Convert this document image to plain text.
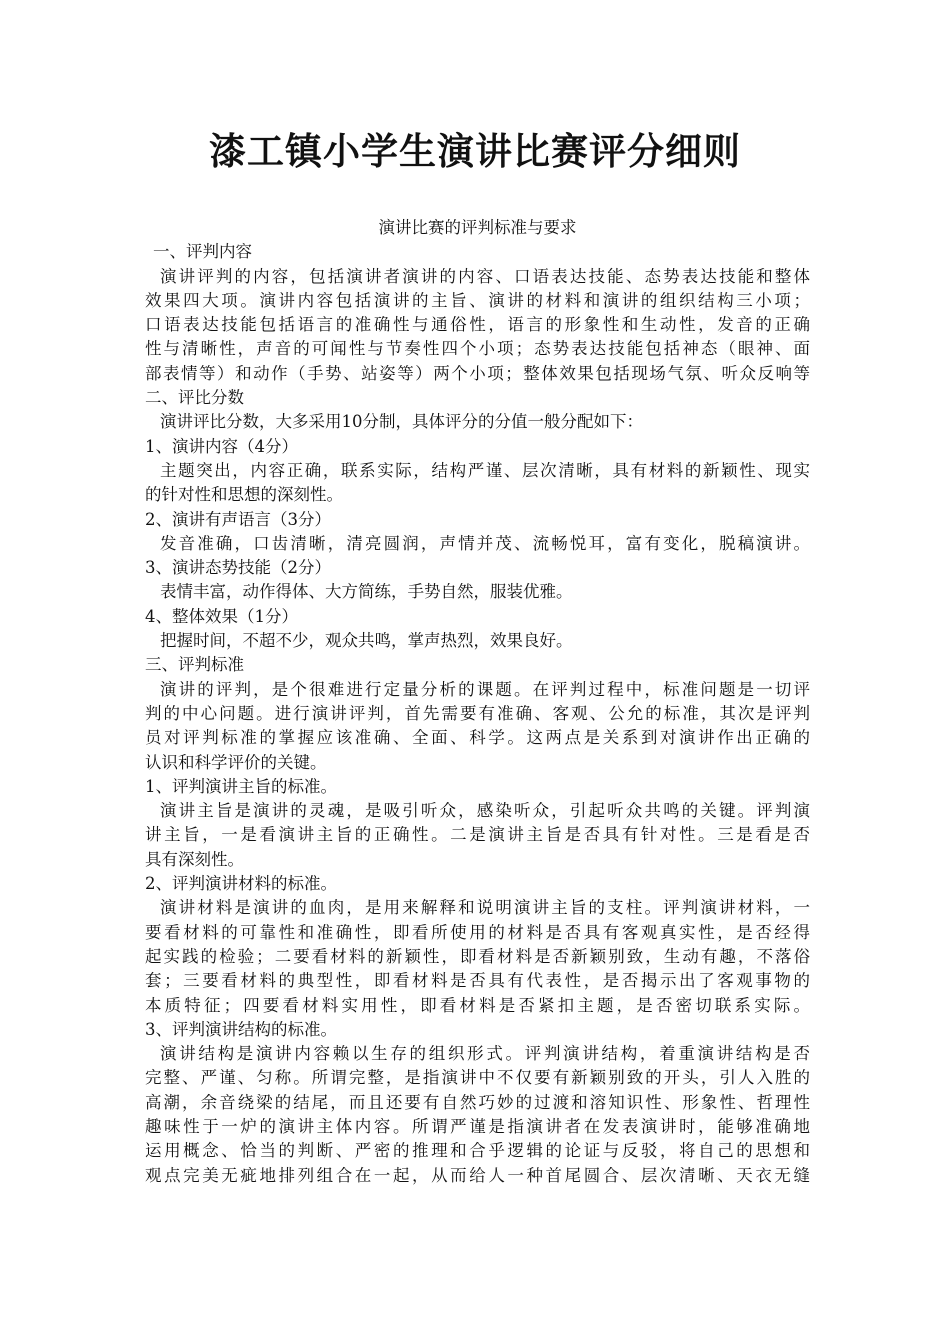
漆工镇小学生演讲比赛评分细则
演讲比赛的评判标准与要求
一、评判内容
演讲评判的内容，包括演讲者演讲的内容、口语表达技能、态势表达技能和整体
效果四大项。演讲内容包括演讲的主旨、演讲的材料和演讲的组织结构三小项；
口语表达技能包括语言的准确性与通俗性，语言的形象性和生动性，发音的正确
性与清晰性，声音的可闻性与节奏性四个小项；态势表达技能包括神态（眼神、面
部表情等）和动作（手势、站姿等）两个小项；整体效果包括现场气氛、听众反响等
二、评比分数
演讲评比分数，大多采用10分制，具体评分的分值一般分配如下：
1、演讲内容（4分）
主题突出，内容正确，联系实际，结构严谨、层次清晰，具有材料的新颖性、现实
的针对性和思想的深刻性。
2、演讲有声语言（3分）
发音准确，口齿清晰，清亮圆润，声情并茂、流畅悦耳，富有变化，脱稿演讲。
3、演讲态势技能（2分）
表情丰富，动作得体、大方简练，手势自然，服装优雅。
4、整体效果（1分）
把握时间，不超不少，观众共鸣，掌声热烈，效果良好。
三、评判标准
演讲的评判，是个很难进行定量分析的课题。在评判过程中，标准问题是一切评
判的中心问题。进行演讲评判，首先需要有准确、客观、公允的标准，其次是评判
员对评判标准的掌握应该准确、全面、科学。这两点是关系到对演讲作出正确的
认识和科学评价的关键。
1、评判演讲主旨的标准。
演讲主旨是演讲的灵魂，是吸引听众，感染听众，引起听众共鸣的关键。评判演
讲主旨，一是看演讲主旨的正确性。二是演讲主旨是否具有针对性。三是看是否
具有深刻性。
2、评判演讲材料的标准。
演讲材料是演讲的血肉，是用来解释和说明演讲主旨的支柱。评判演讲材料，一
要看材料的可靠性和准确性，即看所使用的材料是否具有客观真实性，是否经得
起实践的检验；二要看材料的新颖性，即看材料是否新颖别致，生动有趣，不落俗
套；三要看材料的典型性，即看材料是否具有代表性，是否揭示出了客观事物的
本质特征；四要看材料实用性，即看材料是否紧扣主题，是否密切联系实际。
3、评判演讲结构的标准。
演讲结构是演讲内容赖以生存的组织形式。评判演讲结构，着重演讲结构是否
完整、严谨、匀称。所谓完整，是指演讲中不仅要有新颖别致的开头，引人入胜的
高潮，余音绕梁的结尾，而且还要有自然巧妙的过渡和溶知识性、形象性、哲理性
趣味性于一炉的演讲主体内容。所谓严谨是指演讲者在发表演讲时，能够准确地
运用概念、恰当的判断、严密的推理和合乎逻辑的论证与反驳，将自己的思想和
观点完美无疵地排列组合在一起，从而给人一种首尾圆合、层次清晰、天衣无缝
